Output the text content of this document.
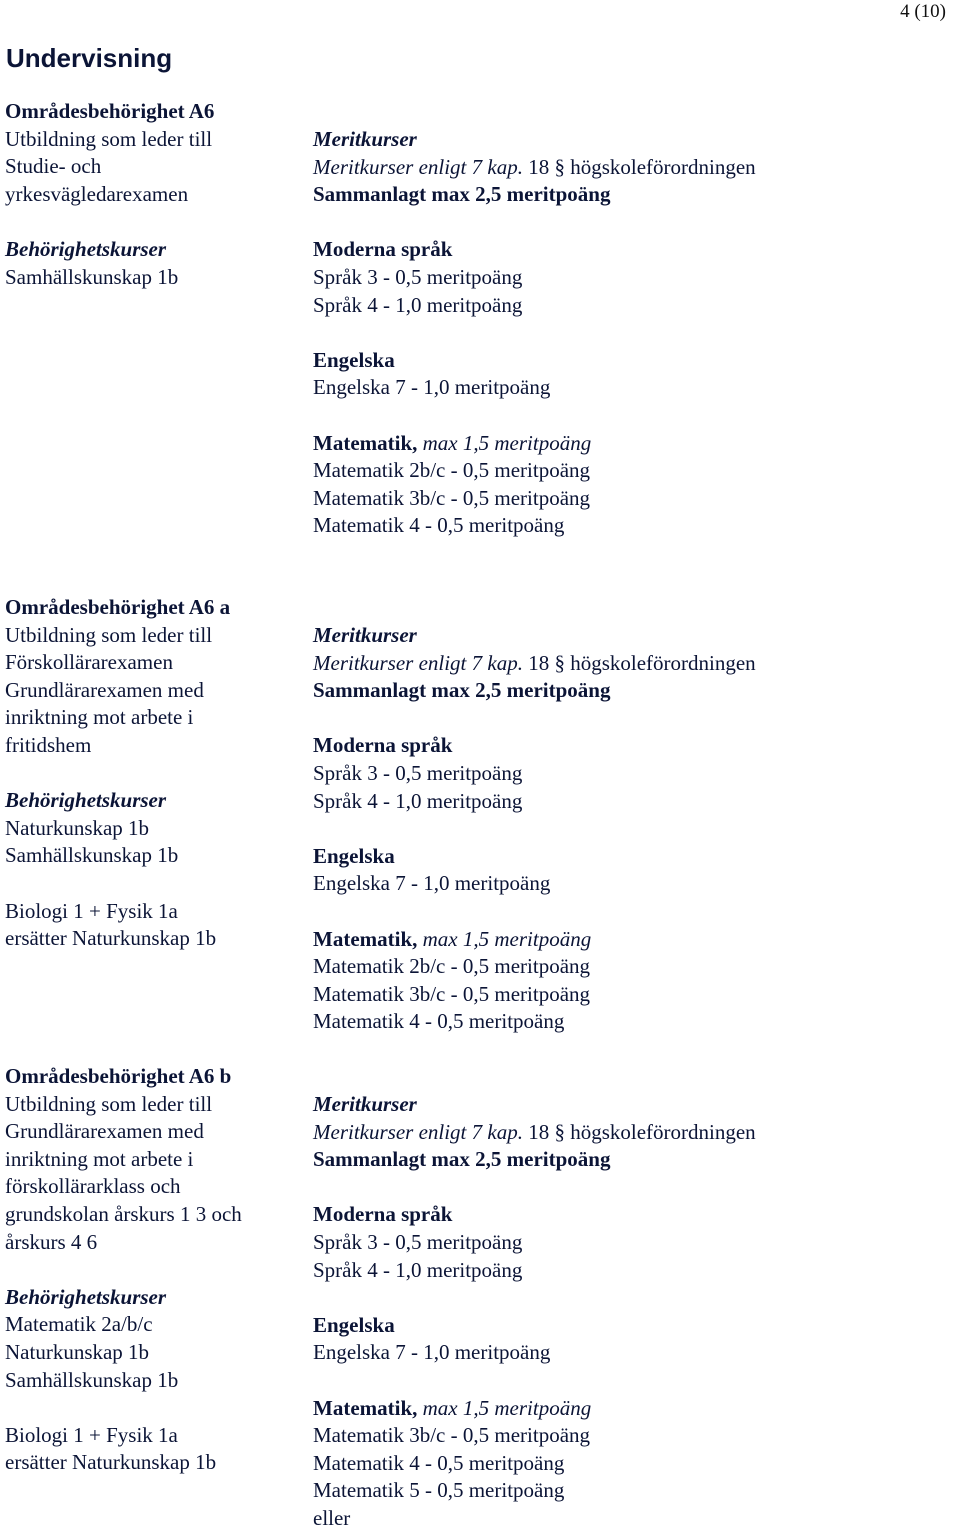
4 (10)
Undervisning
Områdesbehörighet A6
Utbildning som leder till
Studie- och
yrkesvägledarexamen
Behörighetskurser
Samhällskunskap 1b
Meritkurser
Meritkurser enligt 7 kap. 18 § högskoleförordningen
Sammanlagt max 2,5 meritpoäng
Moderna språk
Språk 3 - 0,5 meritpoäng
Språk 4 - 1,0 meritpoäng
Engelska
Engelska 7 - 1,0 meritpoäng
Matematik, max 1,5 meritpoäng
Matematik 2b/c - 0,5 meritpoäng
Matematik 3b/c - 0,5 meritpoäng
Matematik 4 - 0,5 meritpoäng
Områdesbehörighet A6 a
Utbildning som leder till
Förskollärarexamen
Grundlärarexamen med
inriktning mot arbete i
fritidshem
Behörighetskurser
Naturkunskap 1b
Samhällskunskap 1b
Biologi 1 + Fysik 1a
ersätter Naturkunskap 1b
Meritkurser
Meritkurser enligt 7 kap. 18 § högskoleförordningen
Sammanlagt max 2,5 meritpoäng
Moderna språk
Språk 3 - 0,5 meritpoäng
Språk 4 - 1,0 meritpoäng
Engelska
Engelska 7 - 1,0 meritpoäng
Matematik, max 1,5 meritpoäng
Matematik 2b/c - 0,5 meritpoäng
Matematik 3b/c - 0,5 meritpoäng
Matematik 4 - 0,5 meritpoäng
Områdesbehörighet A6 b
Utbildning som leder till
Grundlärarexamen med
inriktning mot arbete i
förskollärarklass och
grundskolan årskurs 1 3 och
årskurs 4 6
Behörighetskurser
Matematik 2a/b/c
Naturkunskap 1b
Samhällskunskap 1b
Biologi 1 + Fysik 1a
ersätter Naturkunskap 1b
Meritkurser
Meritkurser enligt 7 kap. 18 § högskoleförordningen
Sammanlagt max 2,5 meritpoäng
Moderna språk
Språk 3 - 0,5 meritpoäng
Språk 4 - 1,0 meritpoäng
Engelska
Engelska 7 - 1,0 meritpoäng
Matematik, max 1,5 meritpoäng
Matematik 3b/c - 0,5 meritpoäng
Matematik 4 - 0,5 meritpoäng
Matematik 5 - 0,5 meritpoäng
eller
